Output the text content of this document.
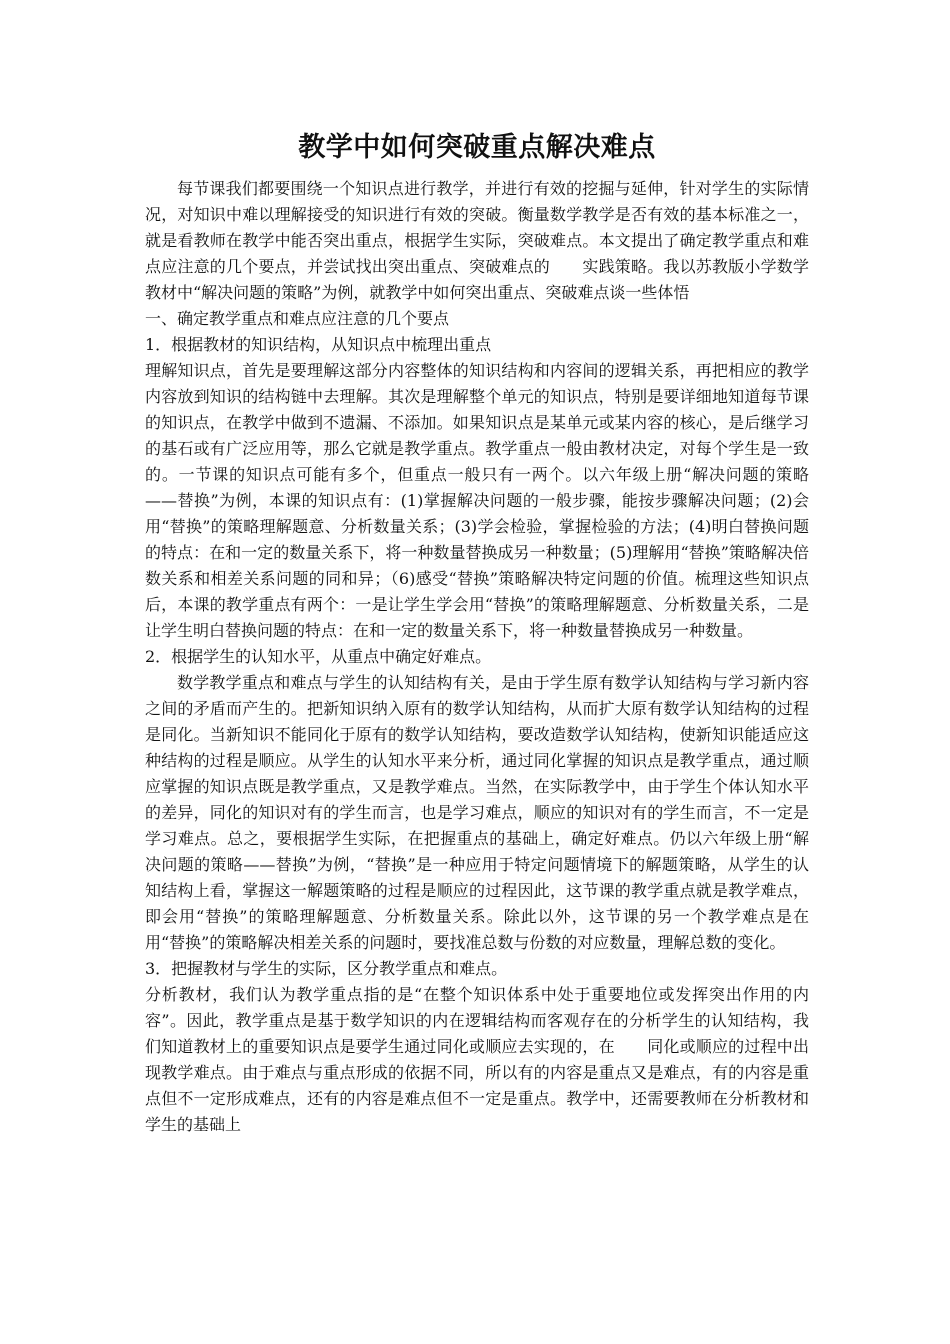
教学中如何突破重点解决难点

每节课我们都要围绕一个知识点进行教学，并进行有效的挖掘与延伸，针对学生的实际情况，对知识中难以理解接受的知识进行有效的突破。衡量数学教学是否有效的基本标准之一，就是看教师在教学中能否突出重点，根据学生实际，突破难点。本文提出了确定教学重点和难点应注意的几个要点，并尝试找出突出重点、突破难点的　　实践策略。我以苏教版小学数学教材中“解决问题的策略”为例，就教学中如何突出重点、突破难点谈一些体悟

一、确定教学重点和难点应注意的几个要点

1．根据教材的知识结构，从知识点中梳理出重点

理解知识点，首先是要理解这部分内容整体的知识结构和内容间的逻辑关系，再把相应的教学内容放到知识的结构链中去理解。其次是理解整个单元的知识点，特别是要详细地知道每节课的知识点，在教学中做到不遗漏、不添加。如果知识点是某单元或某内容的核心，是后继学习的基石或有广泛应用等，那么它就是教学重点。教学重点一般由教材决定，对每个学生是一致的。一节课的知识点可能有多个，但重点一般只有一两个。以六年级上册“解决问题的策略——替换”为例，本课的知识点有：(1)掌握解决问题的一般步骤，能按步骤解决问题；(2)会用“替换”的策略理解题意、分析数量关系；(3)学会检验，掌握检验的方法；(4)明白替换问题的特点：在和一定的数量关系下，将一种数量替换成另一种数量；(5)理解用“替换”策略解决倍数关系和相差关系问题的同和异；（6)感受“替换”策略解决特定问题的价值。梳理这些知识点后，本课的教学重点有两个：一是让学生学会用“替换”的策略理解题意、分析数量关系，二是让学生明白替换问题的特点：在和一定的数量关系下，将一种数量替换成另一种数量。

2．根据学生的认知水平，从重点中确定好难点。

数学教学重点和难点与学生的认知结构有关，是由于学生原有数学认知结构与学习新内容之间的矛盾而产生的。把新知识纳入原有的数学认知结构，从而扩大原有数学认知结构的过程是同化。当新知识不能同化于原有的数学认知结构，要改造数学认知结构，使新知识能适应这种结构的过程是顺应。从学生的认知水平来分析，通过同化掌握的知识点是教学重点，通过顺应掌握的知识点既是教学重点，又是教学难点。当然，在实际教学中，由于学生个体认知水平的差异，同化的知识对有的学生而言，也是学习难点，顺应的知识对有的学生而言，不一定是学习难点。总之，要根据学生实际，在把握重点的基础上，确定好难点。仍以六年级上册“解决问题的策略——替换”为例，“替换”是一种应用于特定问题情境下的解题策略，从学生的认知结构上看，掌握这一解题策略的过程是顺应的过程因此，这节课的教学重点就是教学难点，即会用“替换”的策略理解题意、分析数量关系。除此以外，这节课的另一个教学难点是在用“替换”的策略解决相差关系的问题时，要找准总数与份数的对应数量，理解总数的变化。

3．把握教材与学生的实际，区分教学重点和难点。

分析教材，我们认为教学重点指的是“在整个知识体系中处于重要地位或发挥突出作用的内容”。因此，教学重点是基于数学知识的内在逻辑结构而客观存在的分析学生的认知结构，我们知道教材上的重要知识点是要学生通过同化或顺应去实现的，在　　同化或顺应的过程中出现教学难点。由于难点与重点形成的依据不同，所以有的内容是重点又是难点，有的内容是重点但不一定形成难点，还有的内容是难点但不一定是重点。教学中，还需要教师在分析教材和学生的基础上
